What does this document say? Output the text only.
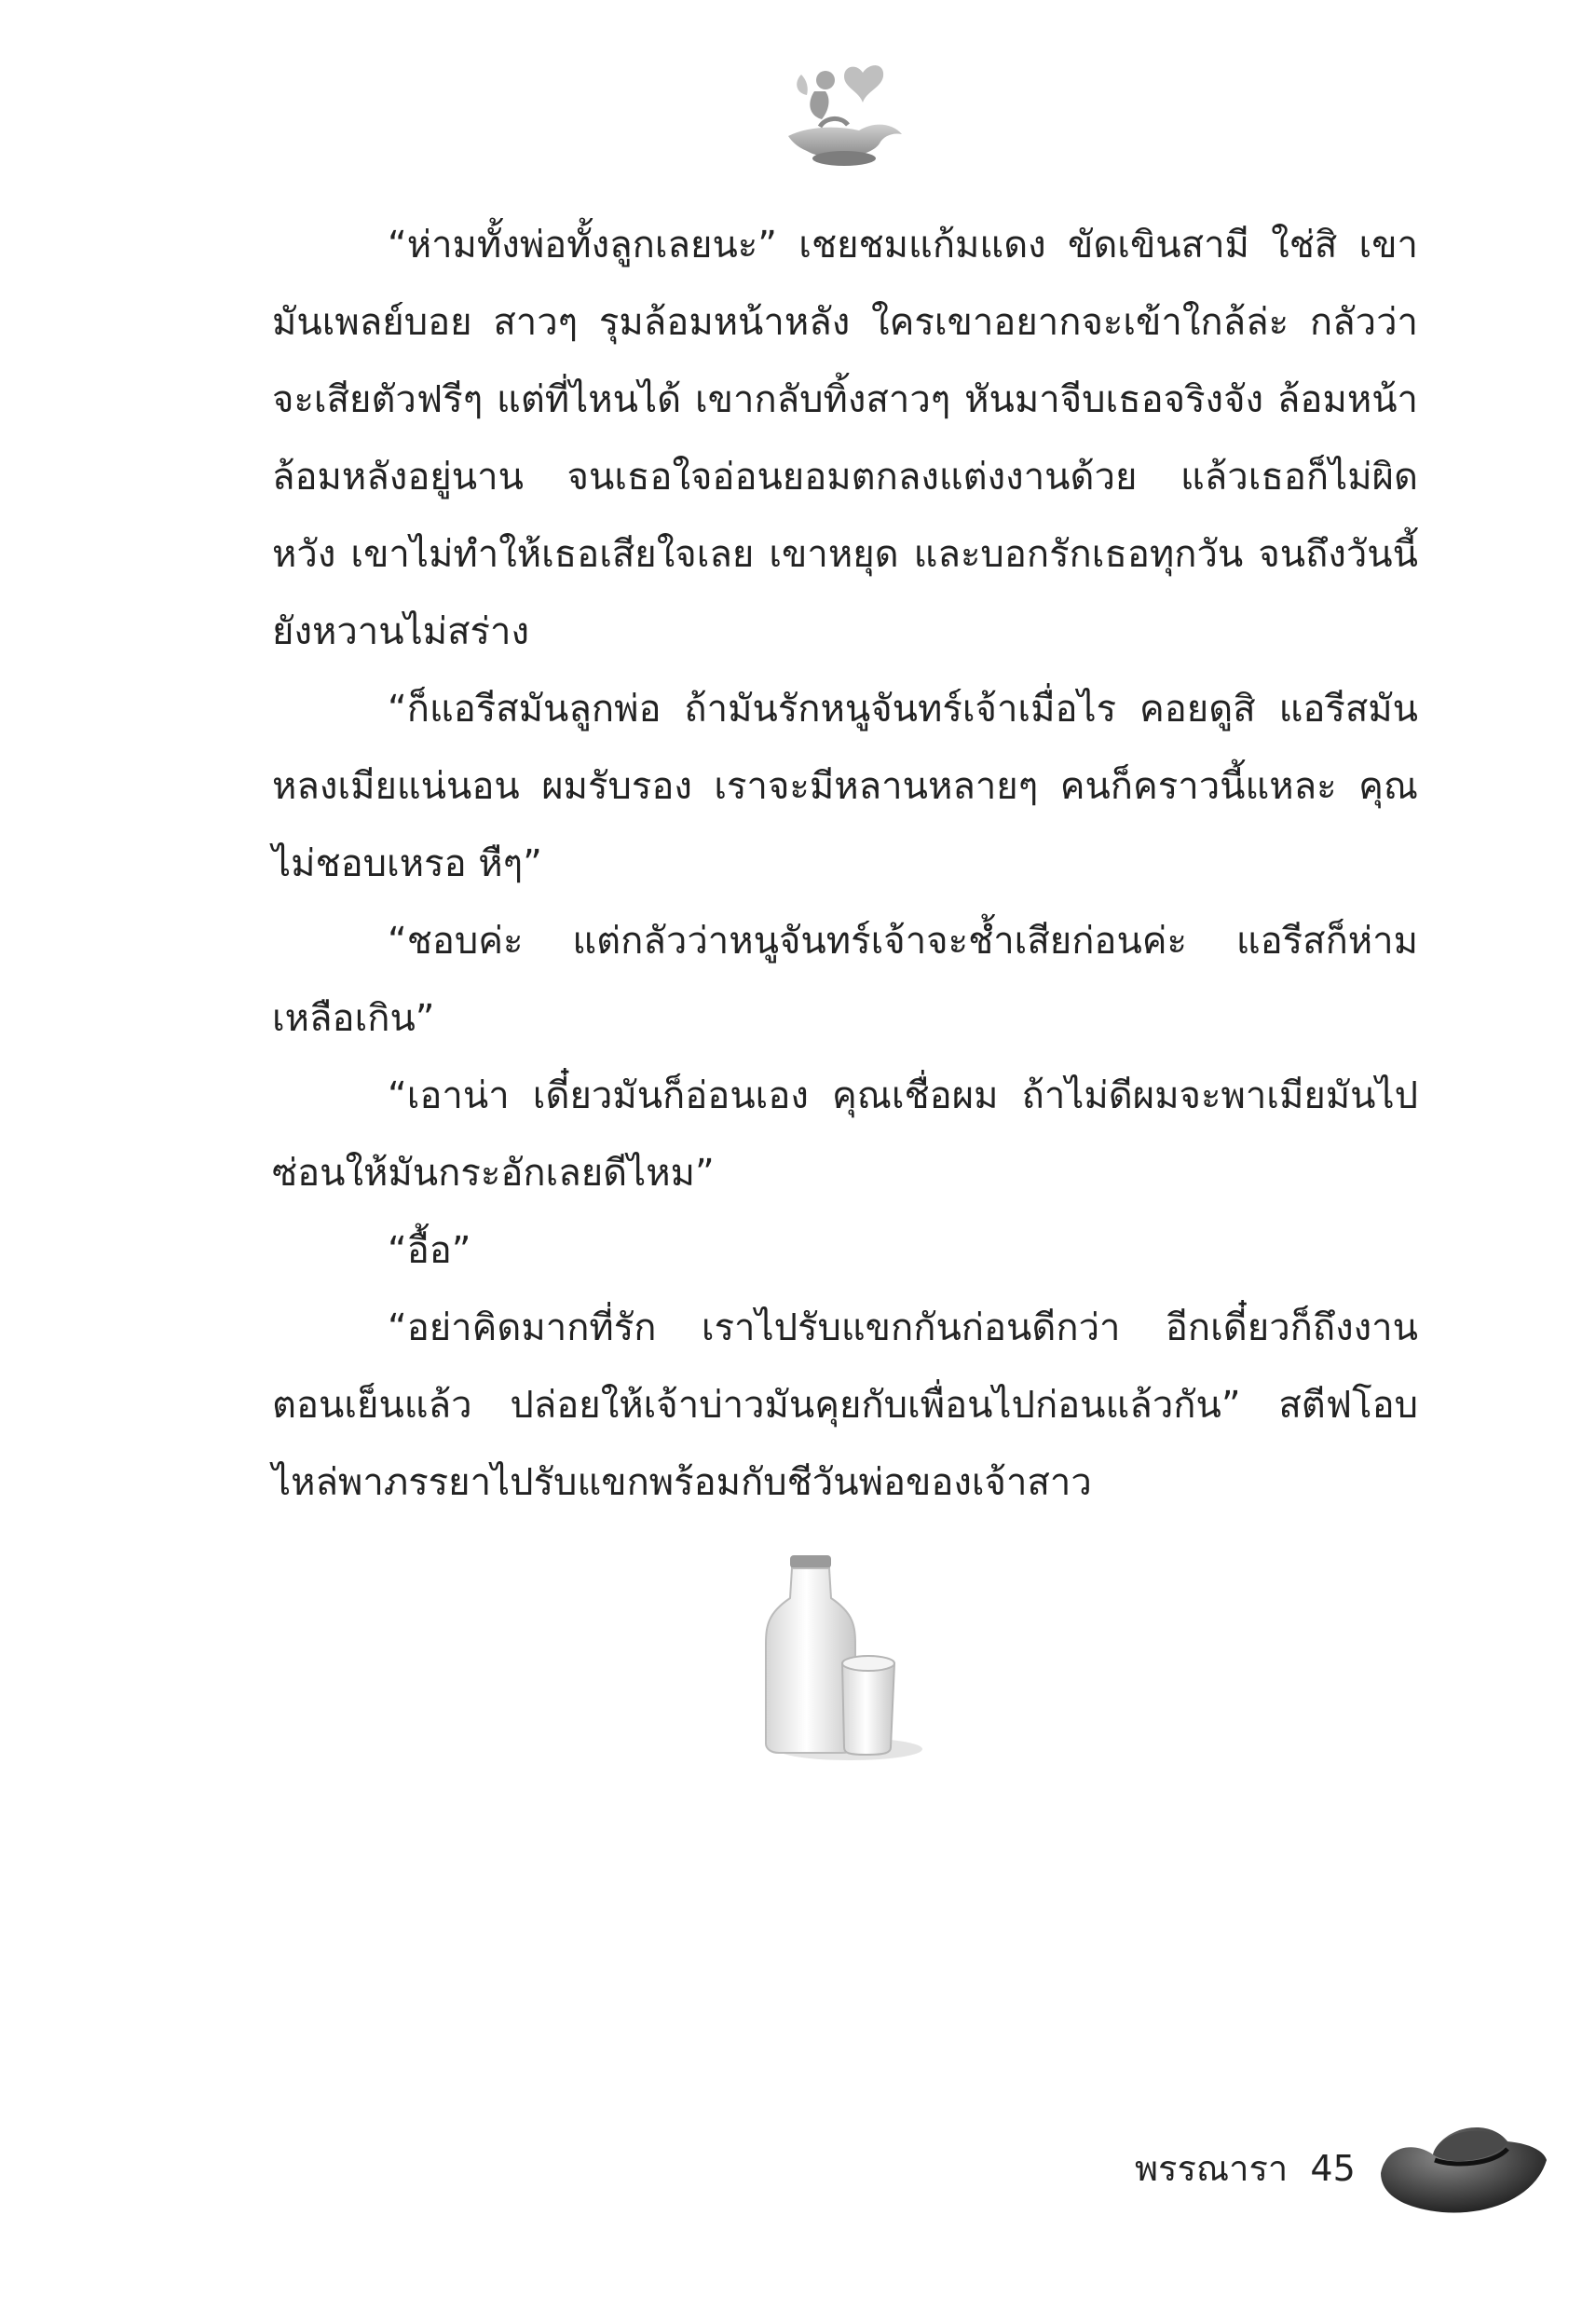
“ห่ามทั้งพ่อทั้งลูกเลยนะ” เชยชมแก้มแดง ขัดเขินสามี ใช่สิ เขามันเพลย์บอย สาวๆ รุมล้อมหน้าหลัง ใครเขาอยากจะเข้าใกล้ล่ะ กลัวว่าจะเสียตัวฟรีๆ แต่ที่ไหนได้ เขากลับทิ้งสาวๆ หันมาจีบเธอจริงจัง ล้อมหน้าล้อมหลังอยู่นาน จนเธอใจอ่อนยอมตกลงแต่งงานด้วย แล้วเธอก็ไม่ผิดหวัง เขาไม่ทำให้เธอเสียใจเลย เขาหยุด และบอกรักเธอทุกวัน จนถึงวันนี้ยังหวานไม่สร่าง

“ก็แอรีสมันลูกพ่อ ถ้ามันรักหนูจันทร์เจ้าเมื่อไร คอยดูสิ แอรีสมันหลงเมียแน่นอน ผมรับรอง เราจะมีหลานหลายๆ คนก็คราวนี้แหละ คุณไม่ชอบเหรอ หืๆ”

“ชอบค่ะ แต่กลัวว่าหนูจันทร์เจ้าจะช้ำเสียก่อนค่ะ แอรีสก็ห่ามเหลือเกิน”

“เอาน่า เดี๋ยวมันก็อ่อนเอง คุณเชื่อผม ถ้าไม่ดีผมจะพาเมียมันไปซ่อนให้มันกระอักเลยดีไหม”

“อื้อ”

“อย่าคิดมากที่รัก เราไปรับแขกกันก่อนดีกว่า อีกเดี๋ยวก็ถึงงานตอนเย็นแล้ว ปล่อยให้เจ้าบ่าวมันคุยกับเพื่อนไปก่อนแล้วกัน” สตีฟโอบไหล่พาภรรยาไปรับแขกพร้อมกับชีวันพ่อของเจ้าสาว

พรรณารา 45
